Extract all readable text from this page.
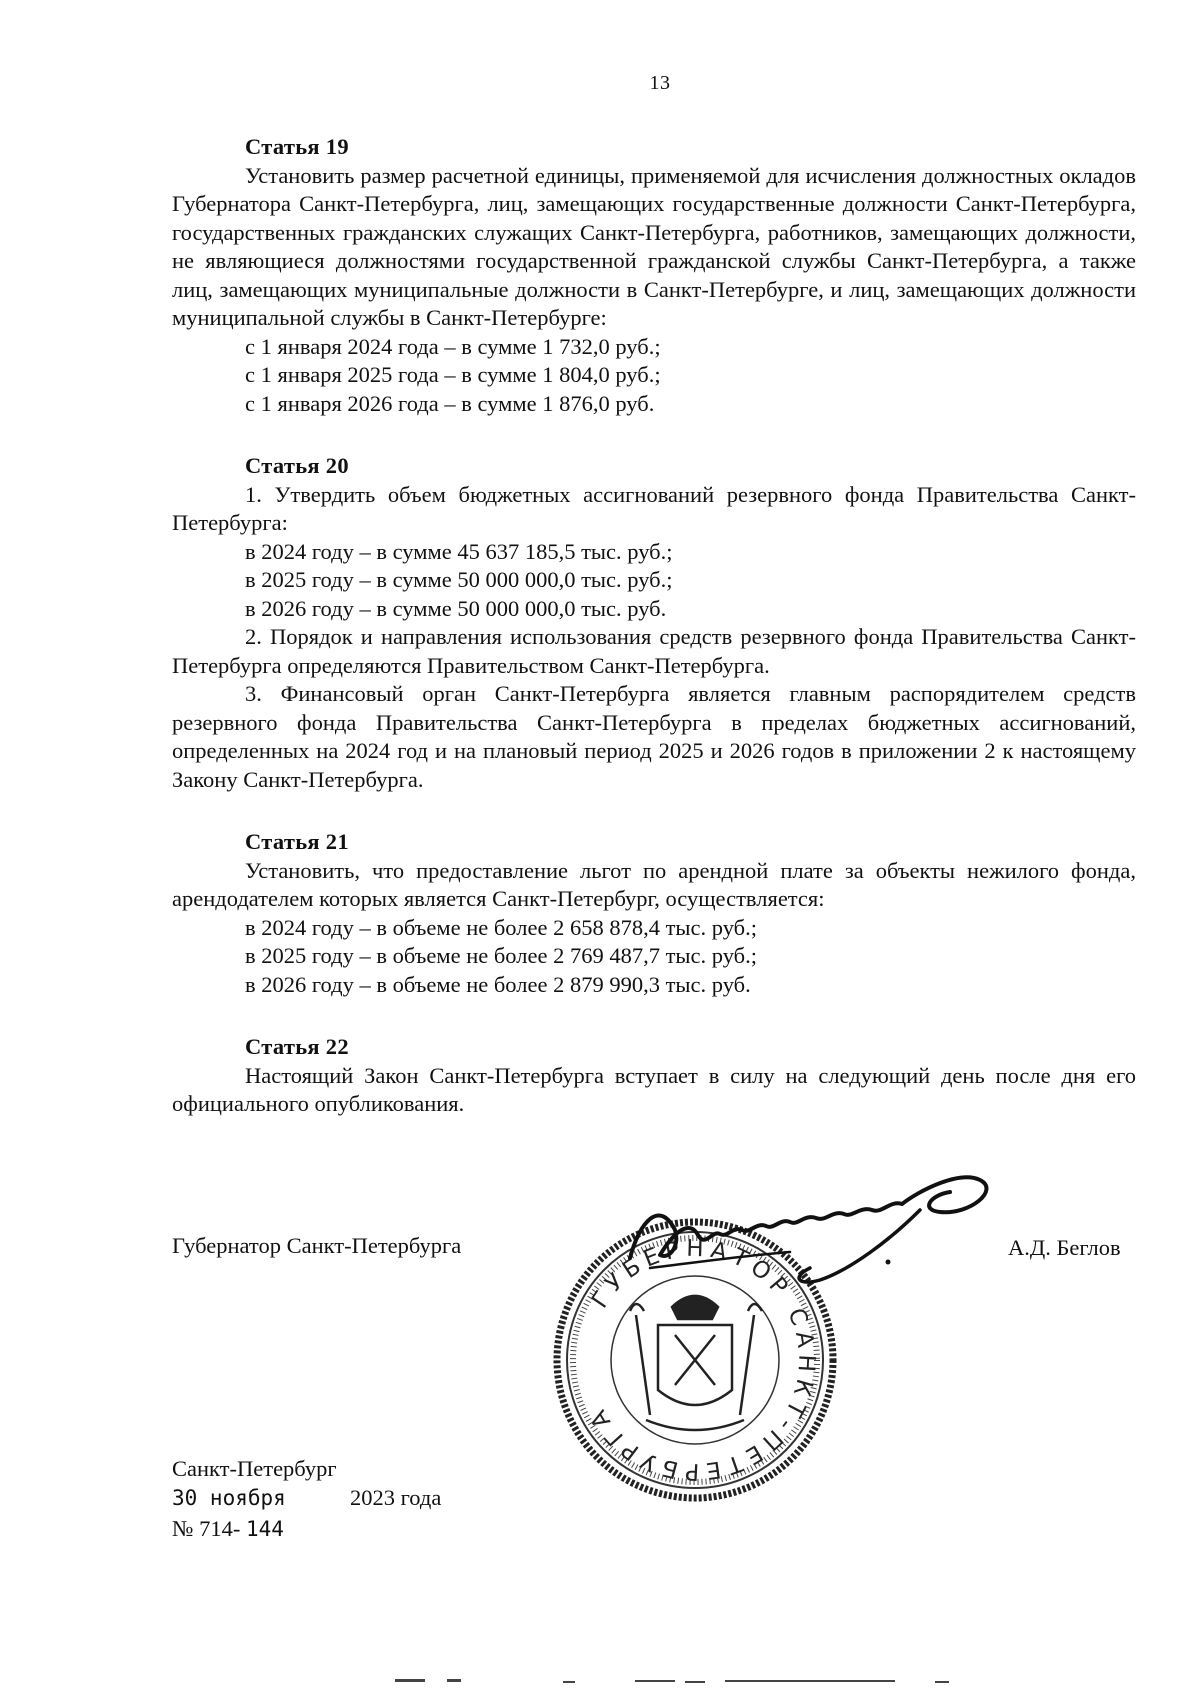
13

Статья 19

Установить размер расчетной единицы, применяемой для исчисления должностных окладов Губернатора Санкт-Петербурга, лиц, замещающих государственные должности Санкт-Петербурга, государственных гражданских служащих Санкт-Петербурга, работников, замещающих должности, не являющиеся должностями государственной гражданской службы Санкт-Петербурга, а также лиц, замещающих муниципальные должности в Санкт-Петербурге, и лиц, замещающих должности муниципальной службы в Санкт-Петербурге:

с 1 января 2024 года – в сумме 1 732,0 руб.;

с 1 января 2025 года – в сумме 1 804,0 руб.;

с 1 января 2026 года – в сумме 1 876,0 руб.

Статья 20

1. Утвердить объем бюджетных ассигнований резервного фонда Правительства Санкт-Петербурга:

в 2024 году – в сумме 45 637 185,5 тыс. руб.;

в 2025 году – в сумме 50 000 000,0 тыс. руб.;

в 2026 году – в сумме 50 000 000,0 тыс. руб.

2. Порядок и направления использования средств резервного фонда Правительства Санкт-Петербурга определяются Правительством Санкт-Петербурга.

3. Финансовый орган Санкт-Петербурга является главным распорядителем средств резервного фонда Правительства Санкт-Петербурга в пределах бюджетных ассигнований, определенных на 2024 год и на плановый период 2025 и 2026 годов в приложении 2 к настоящему Закону Санкт-Петербурга.

Статья 21

Установить, что предоставление льгот по арендной плате за объекты нежилого фонда, арендодателем которых является Санкт-Петербург, осуществляется:

в 2024 году – в объеме не более 2 658 878,4 тыс. руб.;

в 2025 году – в объеме не более 2 769 487,7 тыс. руб.;

в 2026 году – в объеме не более 2 879 990,3 тыс. руб.

Статья 22

Настоящий Закон Санкт-Петербурга вступает в силу на следующий день после дня его официального опубликования.

Губернатор Санкт-Петербурга	А.Д. Беглов
ГУБЕРНАТОР САНКТ-ПЕТЕРБУРГА
Санкт-Петербург
30 ноября	2023 года
№ 714- 144
